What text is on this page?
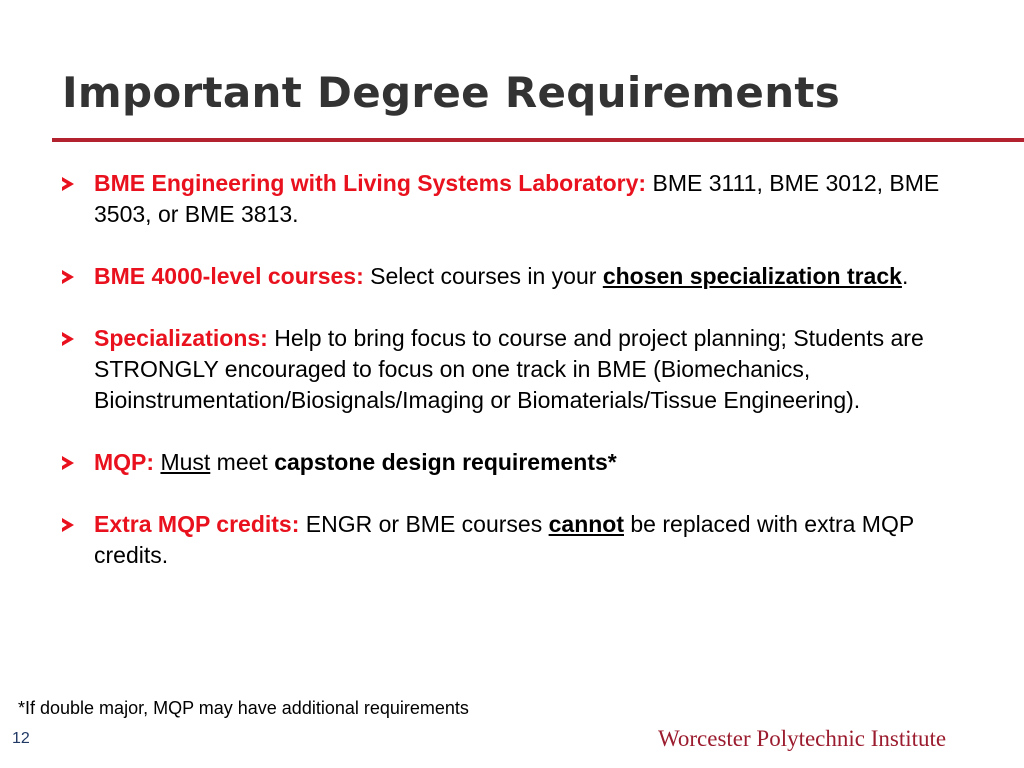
Important Degree Requirements

BME Engineering with Living Systems Laboratory: BME 3111, BME 3012, BME 3503, or BME 3813.

BME 4000-level courses: Select courses in your chosen specialization track.

Specializations: Help to bring focus to course and project planning; Students are STRONGLY encouraged to focus on one track in BME (Biomechanics, Bioinstrumentation/Biosignals/Imaging or Biomaterials/Tissue Engineering).

MQP: Must meet capstone design requirements*

Extra MQP credits: ENGR or BME courses cannot be replaced with extra MQP credits.

*If double major, MQP may have additional requirements
12	Worcester Polytechnic Institute
